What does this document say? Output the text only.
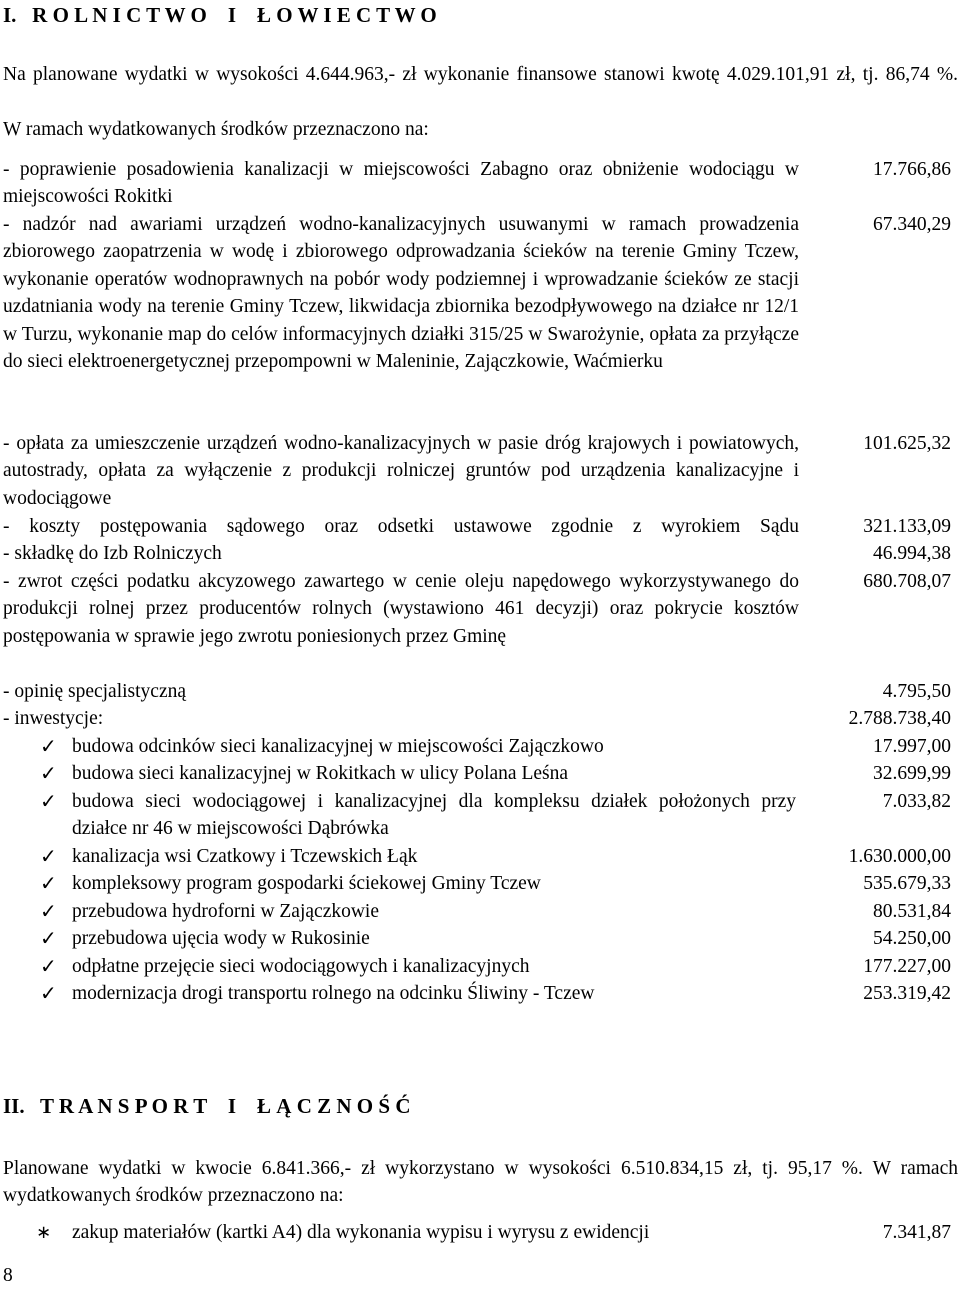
I.   R O L N I C T W O    I    Ł O W I E C T W O
Na planowane wydatki w wysokości 4.644.963,- zł wykonanie finansowe stanowi kwotę 4.029.101,91 zł, tj. 86,74 %.
W ramach wydatkowanych środków przeznaczono na:
- poprawienie posadowienia kanalizacji w miejscowości Zabagno oraz obniżenie wodociągu w miejscowości Rokitki
17.766,86
- nadzór nad awariami urządzeń wodno-kanalizacyjnych usuwanymi w ramach prowadzenia zbiorowego zaopatrzenia w wodę i zbiorowego odprowadzania ścieków na terenie Gminy Tczew, wykonanie operatów wodnoprawnych na pobór wody podziemnej i wprowadzanie ścieków ze stacji uzdatniania wody na terenie Gminy Tczew, likwidacja zbiornika bezodpływowego na działce nr 12/1 w Turzu, wykonanie map do celów informacyjnych działki 315/25 w Swarożynie, opłata za przyłącze do sieci elektroenergetycznej przepompowni w Maleninie, Zajączkowie, Waćmierku
67.340,29
- opłata za umieszczenie urządzeń wodno-kanalizacyjnych w pasie dróg krajowych i powiatowych, autostrady, opłata za wyłączenie z produkcji rolniczej gruntów pod urządzenia kanalizacyjne i wodociągowe
101.625,32
- koszty postępowania sądowego oraz odsetki ustawowe zgodnie z wyrokiem Sądu	321.133,09
- składkę do Izb Rolniczych	46.994,38
- zwrot części podatku akcyzowego zawartego w cenie oleju napędowego wykorzystywanego do produkcji rolnej przez producentów rolnych (wystawiono 461 decyzji) oraz pokrycie kosztów postępowania w sprawie jego zwrotu poniesionych przez Gminę
680.708,07
- opinię specjalistyczną	4.795,50
- inwestycje:	2.788.738,40
✓ budowa odcinków sieci kanalizacyjnej w miejscowości Zajączkowo	17.997,00
✓ budowa sieci kanalizacyjnej w Rokitkach w ulicy Polana Leśna	32.699,99
✓ budowa sieci wodociągowej i kanalizacyjnej dla kompleksu działek położonych przy działce nr 46 w miejscowości Dąbrówka
7.033,82
✓ kanalizacja wsi Czatkowy i Tczewskich Łąk	1.630.000,00
✓ kompleksowy program gospodarki ściekowej Gminy Tczew	535.679,33
✓ przebudowa hydroforni w Zajączkowie	80.531,84
✓ przebudowa ujęcia wody w Rukosinie	54.250,00
✓ odpłatne przejęcie sieci wodociągowych i kanalizacyjnych	177.227,00
✓ modernizacja drogi transportu rolnego na odcinku Śliwiny - Tczew	253.319,42
II.   T R A N S P O R T    I    Ł Ą C Z N O Ś Ć
Planowane wydatki w kwocie 6.841.366,- zł wykorzystano w wysokości 6.510.834,15 zł, tj. 95,17 %. W ramach wydatkowanych środków przeznaczono na:
∗ zakup materiałów (kartki A4) dla wykonania wypisu i wyrysu z ewidencji	7.341,87
8
